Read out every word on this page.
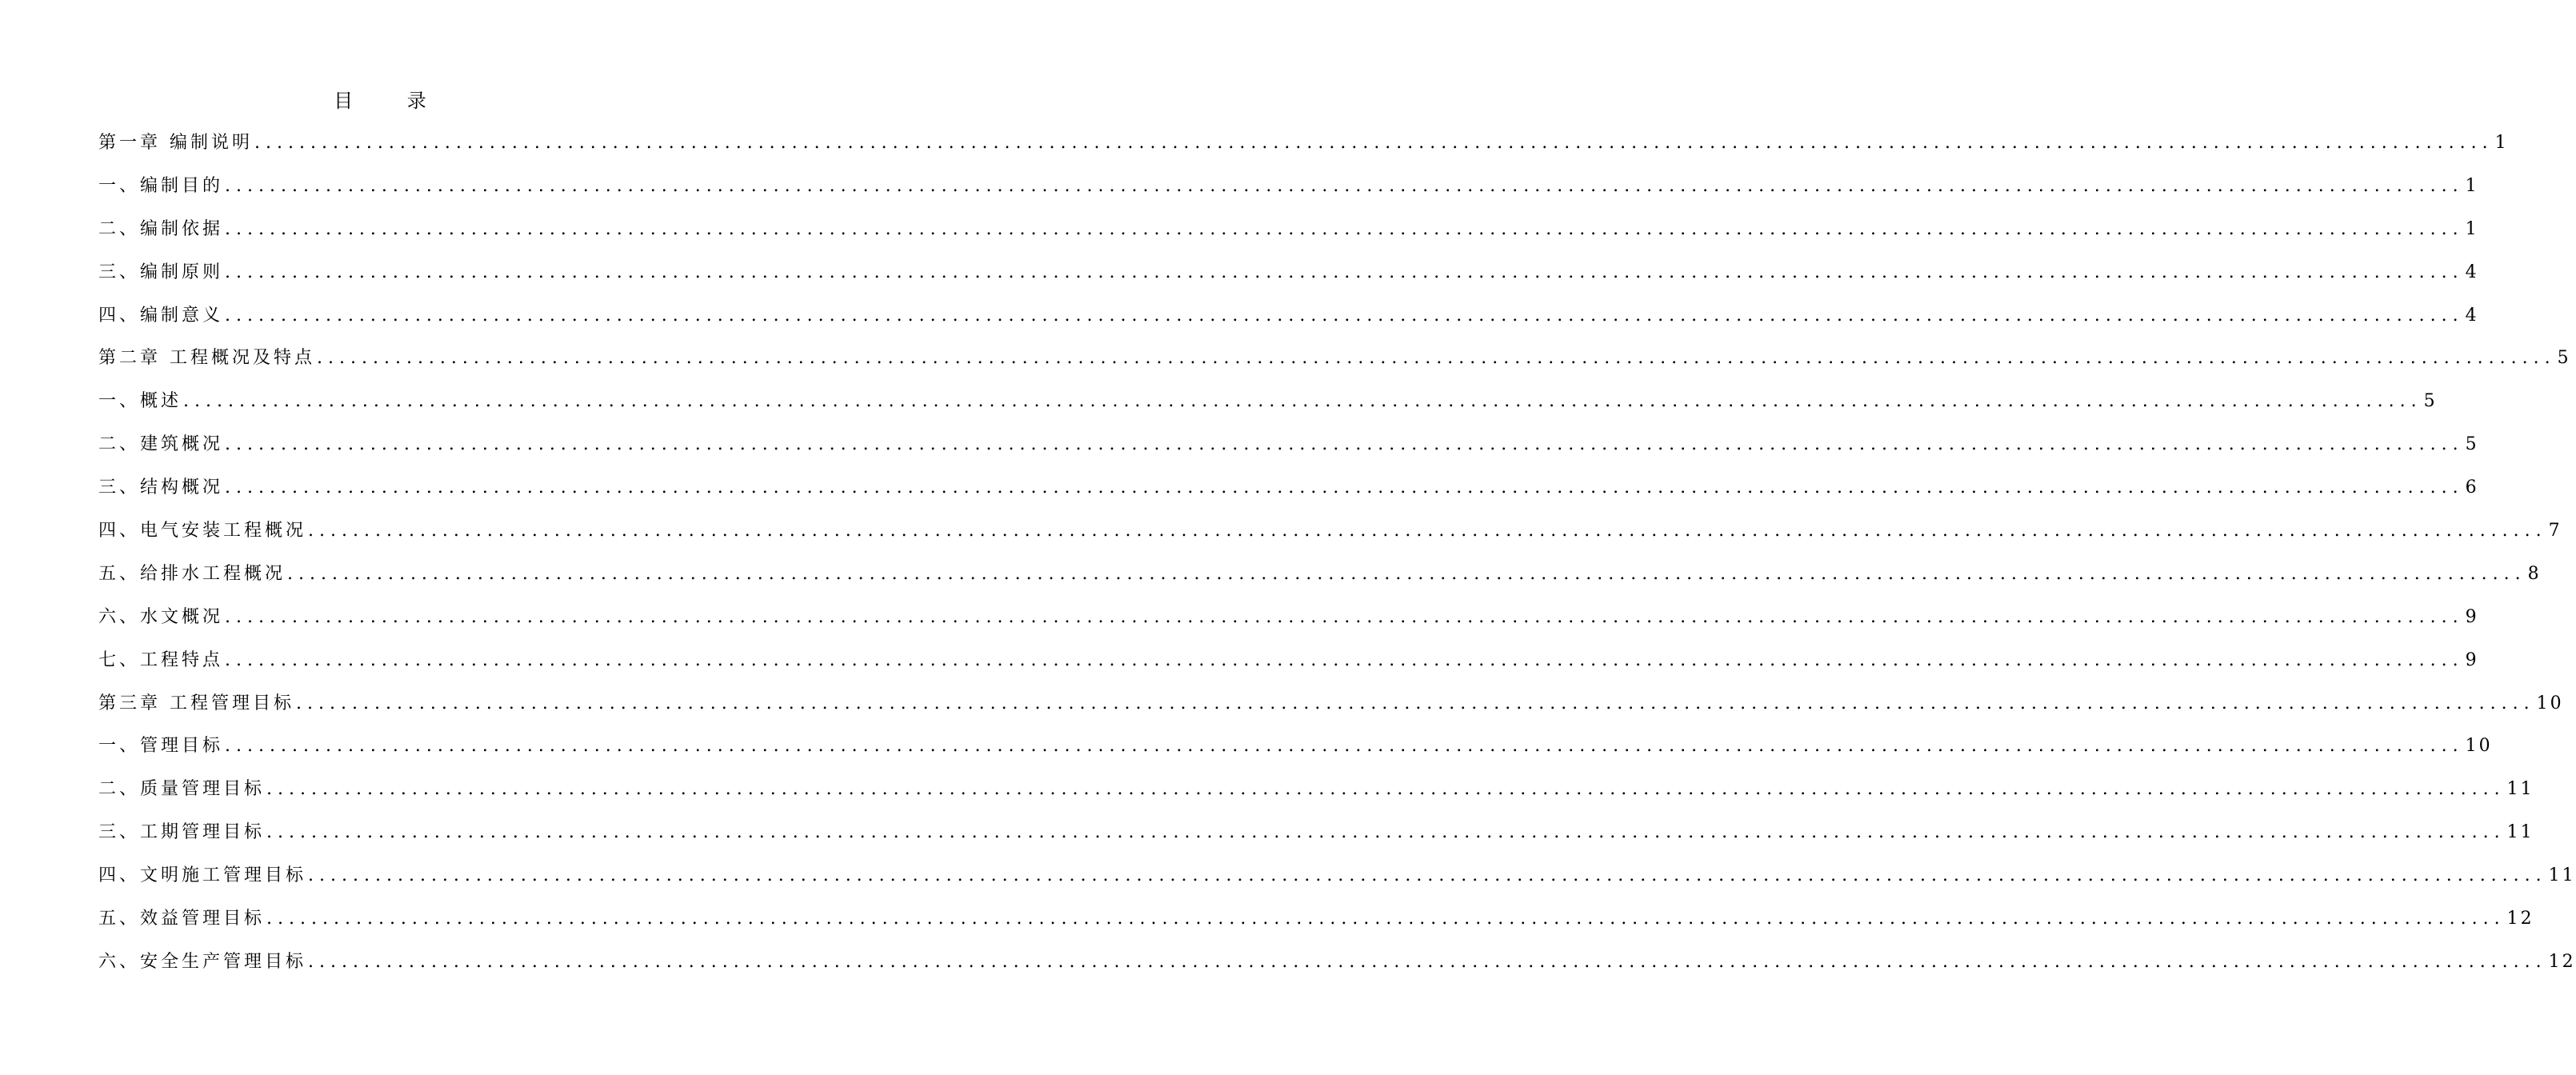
目 录
第一章 编制说明 ........................................................................................................................................................................................................ 1
一、编制目的 ........................................................................................................................................................................................................ 1
二、编制依据 ........................................................................................................................................................................................................ 1
三、编制原则 ........................................................................................................................................................................................................ 4
四、编制意义 ........................................................................................................................................................................................................ 4
第二章 工程概况及特点 ........................................................................................................................................................................................................ 5
一、概述 ........................................................................................................................................................................................................ 5
二、建筑概况 ........................................................................................................................................................................................................ 5
三、结构概况 ........................................................................................................................................................................................................ 6
四、电气安装工程概况 ........................................................................................................................................................................................................ 7
五、给排水工程概况 ........................................................................................................................................................................................................ 8
六、水文概况 ........................................................................................................................................................................................................ 9
七、工程特点 ........................................................................................................................................................................................................ 9
第三章 工程管理目标 ........................................................................................................................................................................................................ 10
一、管理目标 ........................................................................................................................................................................................................ 10
二、质量管理目标 ........................................................................................................................................................................................................ 11
三、工期管理目标 ........................................................................................................................................................................................................ 11
四、文明施工管理目标 ........................................................................................................................................................................................................ 11
五、效益管理目标 ........................................................................................................................................................................................................ 12
六、安全生产管理目标 ........................................................................................................................................................................................................ 12
